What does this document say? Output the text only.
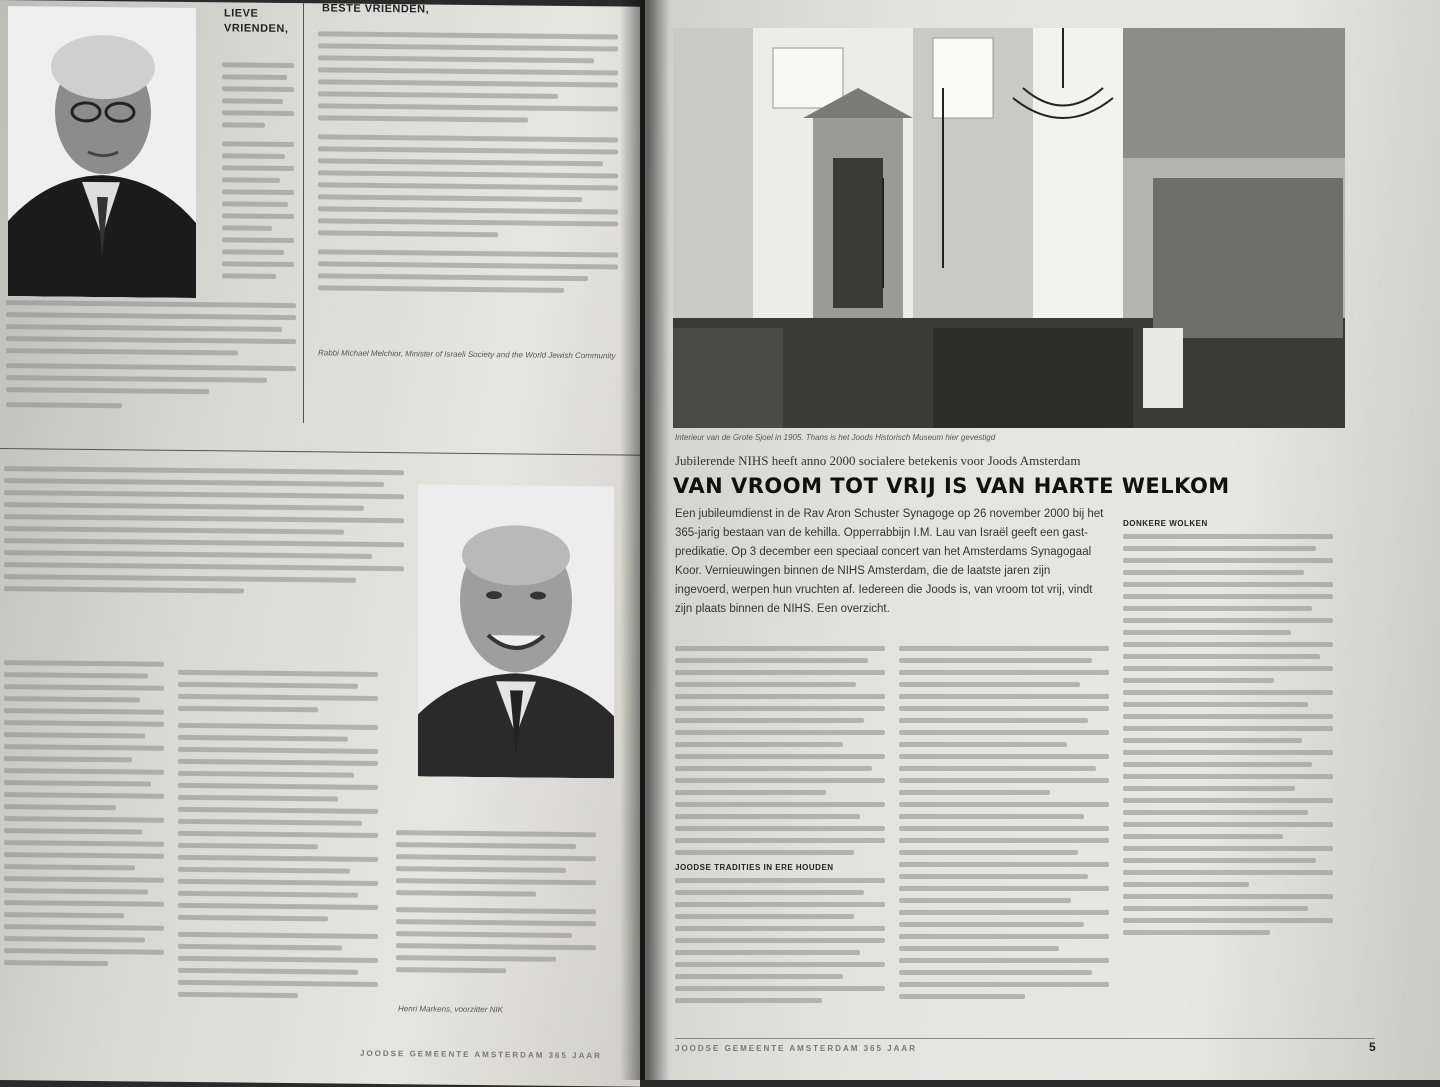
LIEVE VRIENDEN,
BESTE VRIENDEN,
Rabbi Michael Melchior, Minister of Israeli Society and the World Jewish Community
Henri Markens, voorzitter NIK
JOODSE GEMEENTE AMSTERDAM 365 JAAR
Interieur van de Grote Sjoel in 1905. Thans is het Joods Historisch Museum hier gevestigd
Jubilerende NIHS heeft anno 2000 socialere betekenis voor Joods Amsterdam
VAN VROOM TOT VRIJ IS VAN HARTE WELKOM
Een jubileumdienst in de Rav Aron Schuster Synagoge op 26 november 2000 bij het 365-jarig bestaan van de kehilla. Opperrabbijn I.M. Lau van Israël geeft een gast-predikatie. Op 3 december een speciaal concert van het Amsterdams Synagogaal Koor. Vernieuwingen binnen de NIHS Amsterdam, die de laatste jaren zijn ingevoerd, werpen hun vruchten af. Iedereen die Joods is, van vroom tot vrij, vindt zijn plaats binnen de NIHS. Een overzicht.
JOODSE TRADITIES IN ERE HOUDEN
DONKERE WOLKEN
JOODSE GEMEENTE AMSTERDAM 365 JAAR	5
